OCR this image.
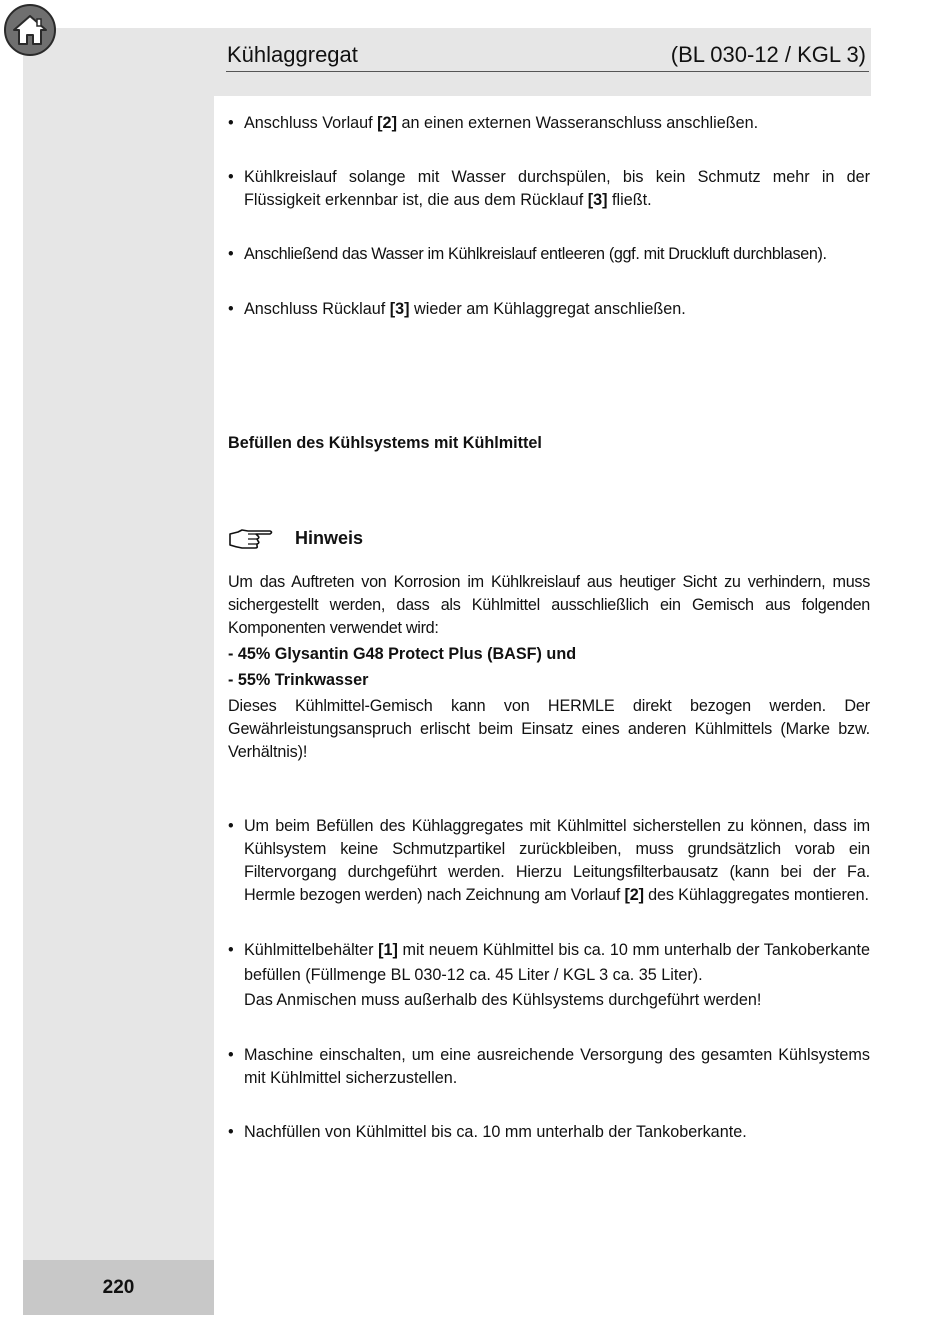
Kühlaggregat	(BL 030-12 / KGL 3)

• Anschluss Vorlauf [2] an einen externen Wasseranschluss anschließen.

• Kühlkreislauf solange mit Wasser durchspülen, bis kein Schmutz mehr in der Flüssigkeit erkennbar ist, die aus dem Rücklauf [3] fließt.

• Anschließend das Wasser im Kühlkreislauf entleeren (ggf. mit Druckluft durchblasen).

• Anschluss Rücklauf [3] wieder am Kühlaggregat anschließen.

Befüllen des Kühlsystems mit Kühlmittel
Hinweis

Um das Auftreten von Korrosion im Kühlkreislauf aus heutiger Sicht zu verhindern, muss sichergestellt werden, dass als Kühlmittel ausschließlich ein Gemisch aus folgenden Komponenten verwendet wird:

- 45% Glysantin G48 Protect Plus (BASF) und

- 55% Trinkwasser

Dieses Kühlmittel-Gemisch kann von HERMLE direkt bezogen werden. Der Gewährleistungsanspruch erlischt beim Einsatz eines anderen Kühlmittels (Marke bzw. Verhältnis)!

• Um beim Befüllen des Kühlaggregates mit Kühlmittel sicherstellen zu können, dass im Kühlsystem keine Schmutzpartikel zurückbleiben, muss grundsätzlich vorab ein Filtervorgang durchgeführt werden. Hierzu Leitungsfilterbausatz (kann bei der Fa. Hermle bezogen werden) nach Zeichnung am Vorlauf [2] des Kühlaggregates montieren.

• Kühlmittelbehälter [1] mit neuem Kühlmittel bis ca. 10 mm unterhalb der Tankoberkante befüllen (Füllmenge BL 030-12 ca. 45 Liter / KGL 3 ca. 35 Liter).
Das Anmischen muss außerhalb des Kühlsystems durchgeführt werden!

• Maschine einschalten, um eine ausreichende Versorgung des gesamten Kühlsystems mit Kühlmittel sicherzustellen.

• Nachfüllen von Kühlmittel bis ca. 10 mm unterhalb der Tankoberkante.

220
